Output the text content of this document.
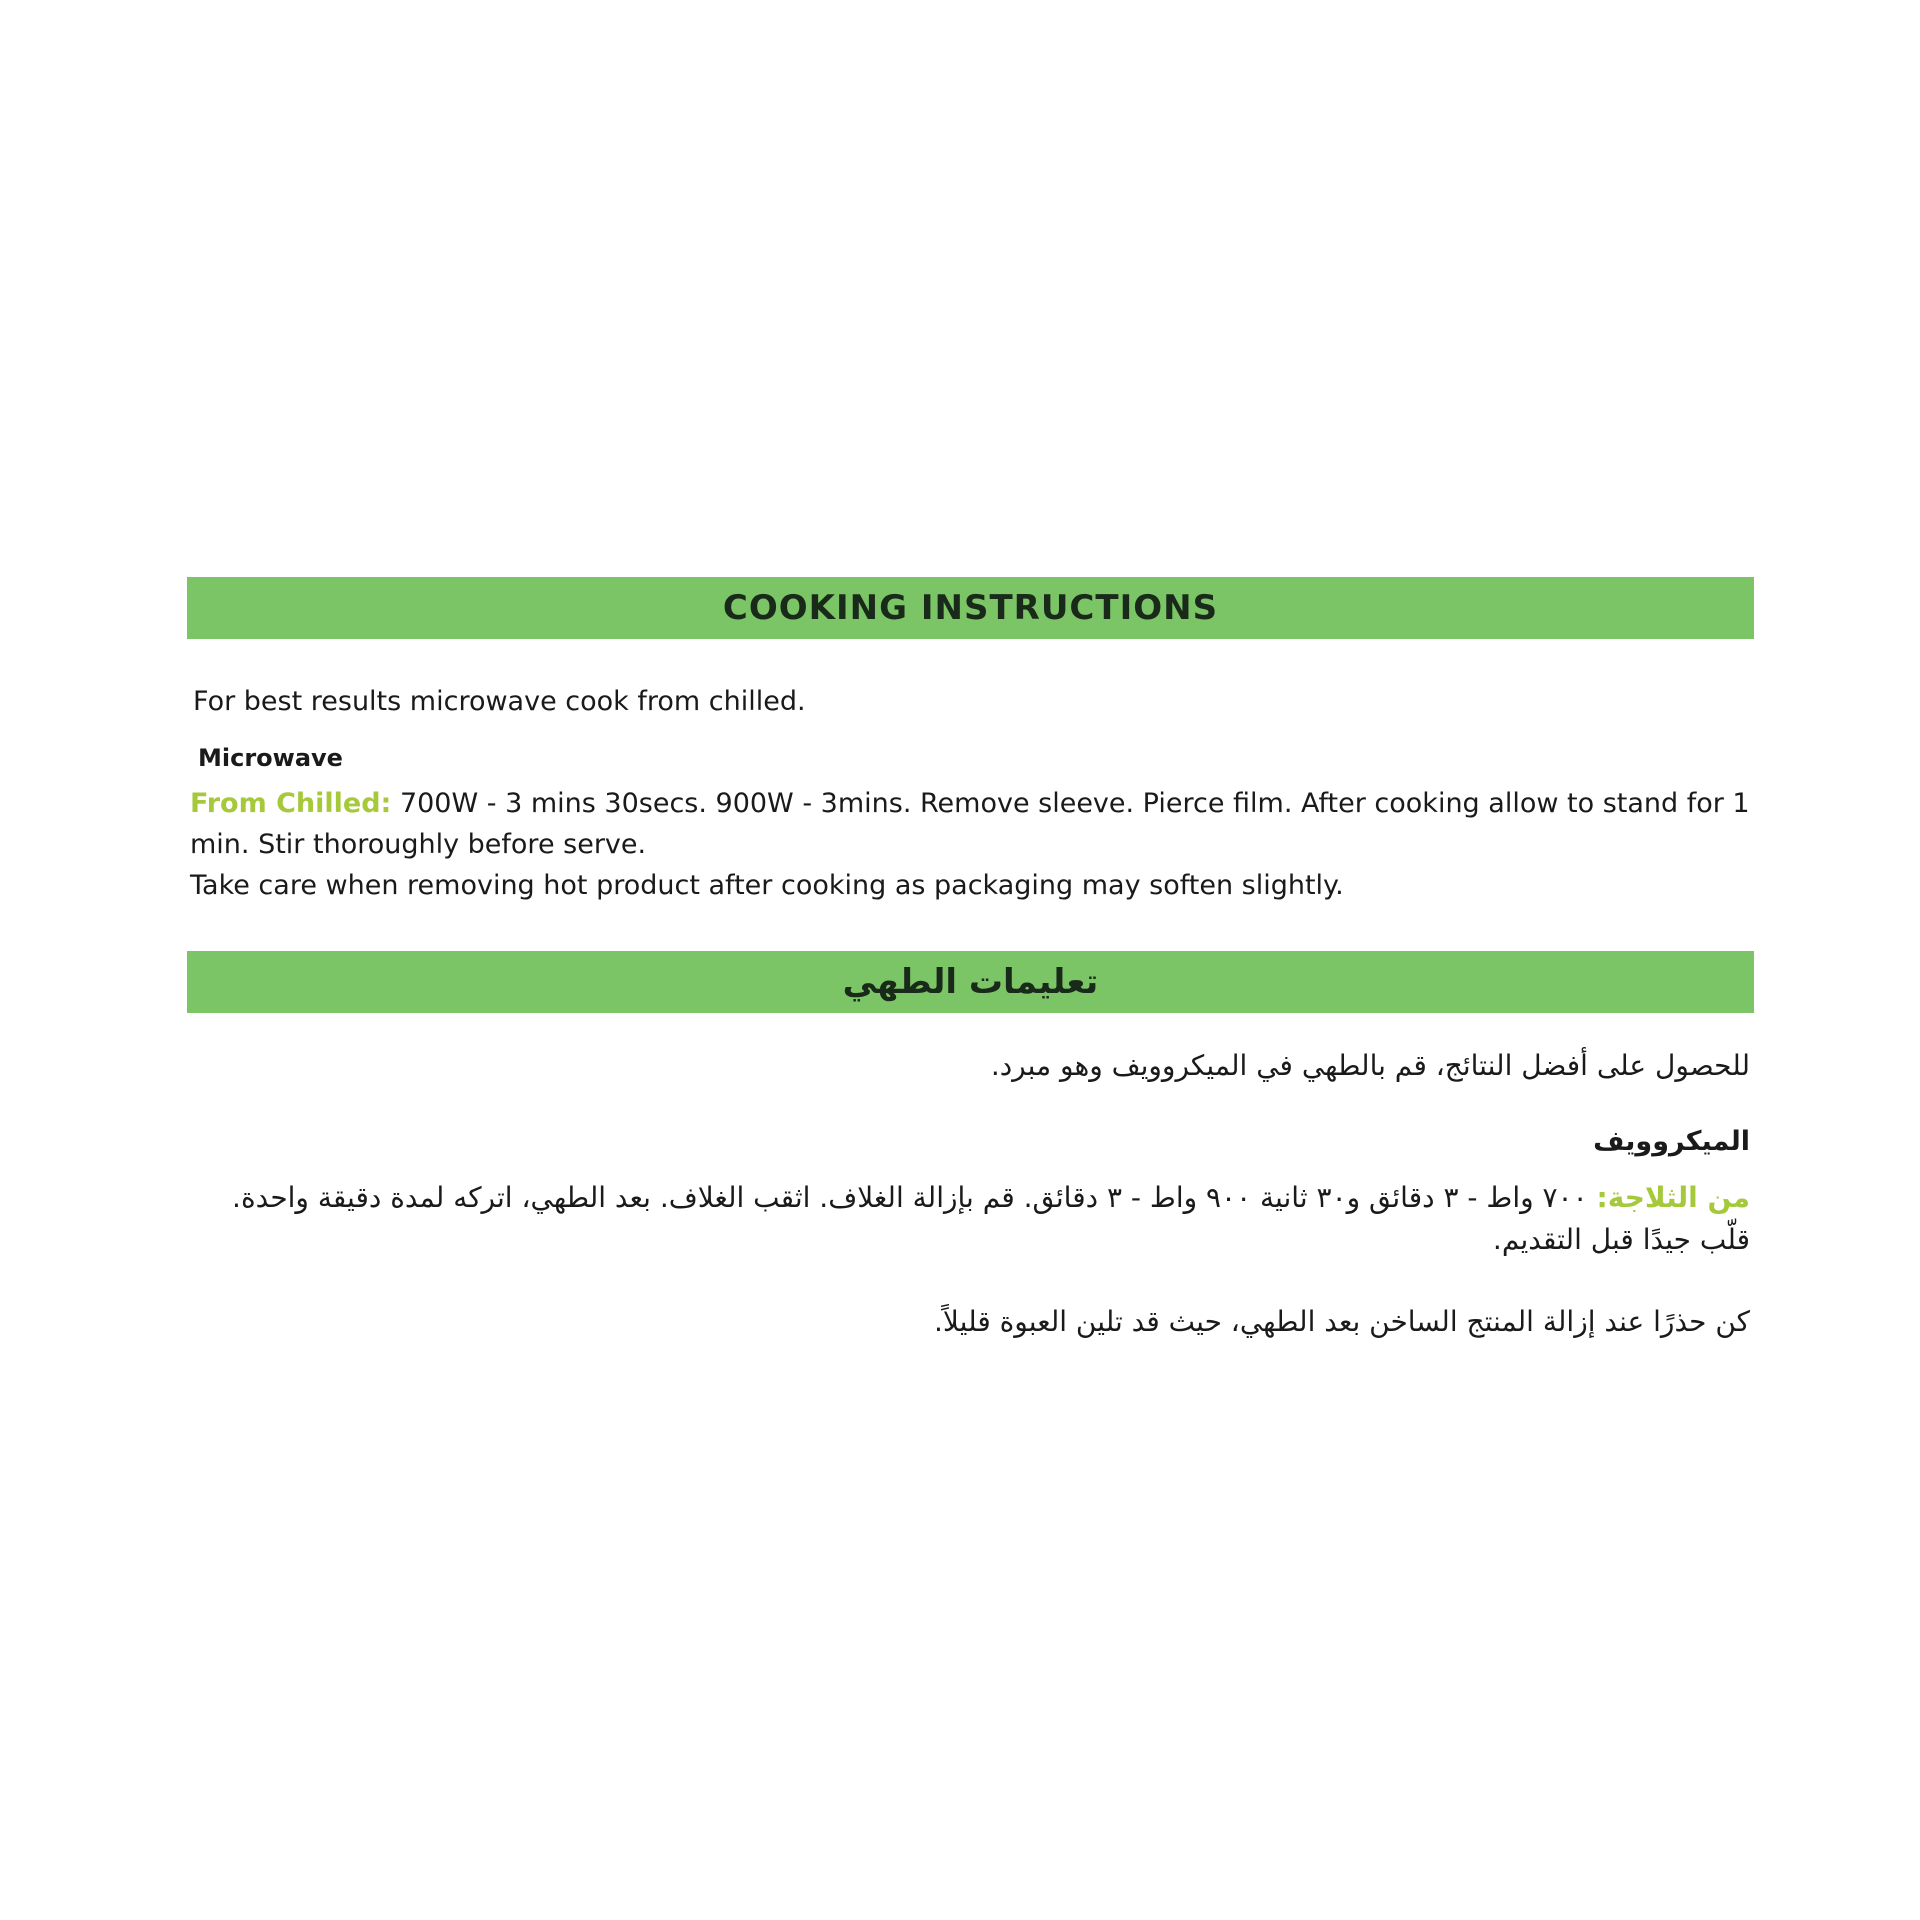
COOKING INSTRUCTIONS
For best results microwave cook from chilled.
Microwave
From Chilled: 700W - 3 mins 30secs. 900W - 3mins. Remove sleeve. Pierce film. After cooking allow to stand for 1 min. Stir thoroughly before serve.
Take care when removing hot product after cooking as packaging may soften slightly.
تعليمات الطهي
للحصول على أفضل النتائج، قم بالطهي في الميكروويف وهو مبرد.
الميكروويف
من الثلاجة: ٧٠٠ واط - ٣ دقائق و٣٠ ثانية ٩٠٠ واط - ٣ دقائق. قم بإزالة الغلاف. اثقب الغلاف. بعد الطهي، اتركه لمدة دقيقة واحدة. قلّب جيدًا قبل التقديم.
كن حذرًا عند إزالة المنتج الساخن بعد الطهي، حيث قد تلين العبوة قليلاً.
